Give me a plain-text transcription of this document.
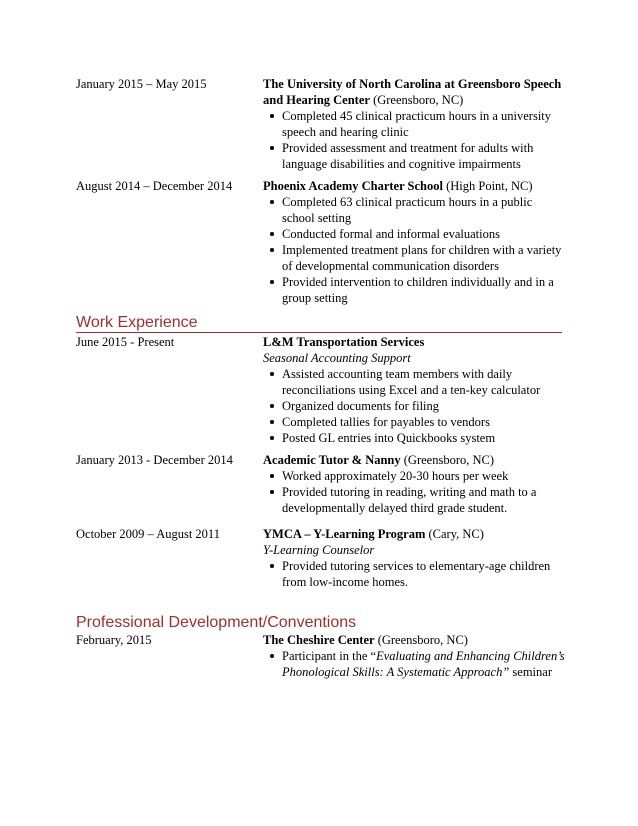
January 2015 – May 2015	The University of North Carolina at Greensboro Speech and Hearing Center (Greensboro, NC)
Completed 45 clinical practicum hours in a university speech and hearing clinic
Provided assessment and treatment for adults with language disabilities and cognitive impairments
August 2014 – December 2014	Phoenix Academy Charter School (High Point, NC)
Completed 63 clinical practicum hours in a public school setting
Conducted formal and informal evaluations
Implemented treatment plans for children with a variety of developmental communication disorders
Provided intervention to children individually and in a group setting
Work Experience
June 2015 - Present	L&M Transportation Services
Seasonal Accounting Support
Assisted accounting team members with daily reconciliations using Excel and a ten-key calculator
Organized documents for filing
Completed tallies for payables to vendors
Posted GL entries into Quickbooks system
January 2013 - December 2014	Academic Tutor & Nanny (Greensboro, NC)
Worked approximately 20-30 hours per week
Provided tutoring in reading, writing and math to a developmentally delayed third grade student.
October 2009 – August 2011	YMCA – Y-Learning Program (Cary, NC)
Y-Learning Counselor
Provided tutoring services to elementary-age children from low-income homes.
Professional Development/Conventions
February, 2015	The Cheshire Center (Greensboro, NC)
Participant in the “Evaluating and Enhancing Children’s Phonological Skills: A Systematic Approach” seminar
